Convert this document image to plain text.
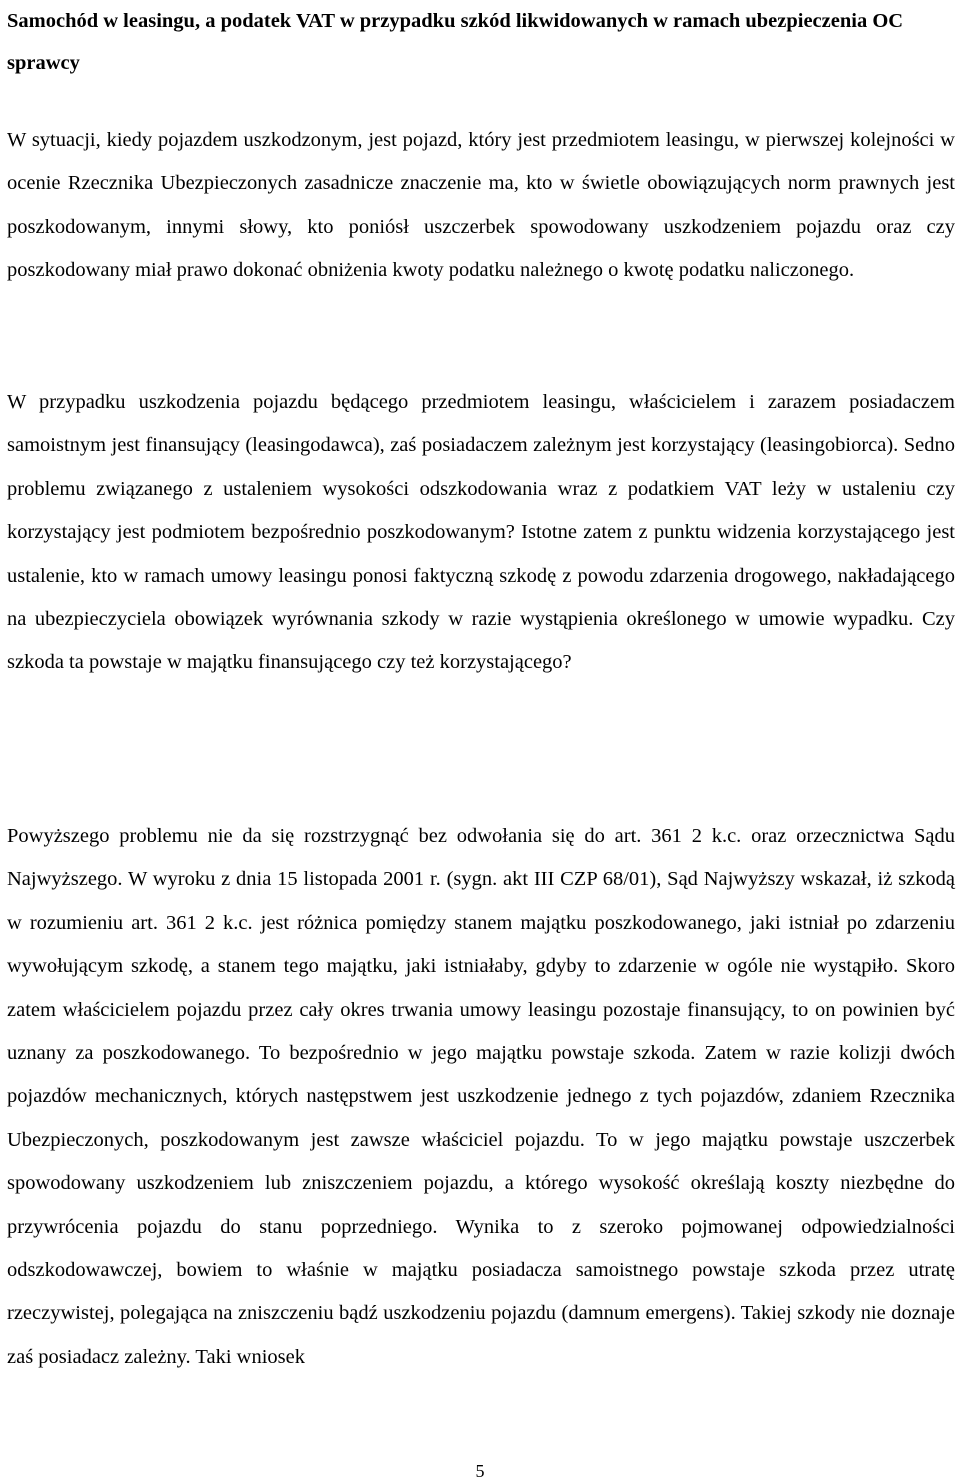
Samochód w leasingu, a podatek VAT w przypadku szkód likwidowanych w ramach ubezpieczenia OC sprawcy

W sytuacji, kiedy pojazdem uszkodzonym, jest pojazd, który jest przedmiotem leasingu, w pierwszej kolejności w ocenie Rzecznika Ubezpieczonych zasadnicze znaczenie ma, kto w świetle obowiązujących norm prawnych jest poszkodowanym, innymi słowy, kto poniósł uszczerbek spowodowany uszkodzeniem pojazdu oraz czy poszkodowany miał prawo dokonać obniżenia kwoty podatku należnego o kwotę podatku naliczonego.

W przypadku uszkodzenia pojazdu będącego przedmiotem leasingu, właścicielem i zarazem posiadaczem samoistnym jest finansujący (leasingodawca), zaś posiadaczem zależnym jest korzystający (leasingobiorca). Sedno problemu związanego z ustaleniem wysokości odszkodowania wraz z podatkiem VAT leży w ustaleniu czy korzystający jest podmiotem bezpośrednio poszkodowanym? Istotne zatem z punktu widzenia korzystającego jest ustalenie, kto w ramach umowy leasingu ponosi faktyczną szkodę z powodu zdarzenia drogowego, nakładającego na ubezpieczyciela obowiązek wyrównania szkody w razie wystąpienia określonego w umowie wypadku. Czy szkoda ta powstaje w majątku finansującego czy też korzystającego?

Powyższego problemu nie da się rozstrzygnąć bez odwołania się do art. 361 2 k.c. oraz orzecznictwa Sądu Najwyższego. W wyroku z dnia 15 listopada 2001 r. (sygn. akt III CZP 68/01), Sąd Najwyższy wskazał, iż szkodą w rozumieniu art. 361 2 k.c. jest różnica pomiędzy stanem majątku poszkodowanego, jaki istniał po zdarzeniu wywołującym szkodę, a stanem tego majątku, jaki istniałaby, gdyby to zdarzenie w ogóle nie wystąpiło. Skoro zatem właścicielem pojazdu przez cały okres trwania umowy leasingu pozostaje finansujący, to on powinien być uznany za poszkodowanego. To bezpośrednio w jego majątku powstaje szkoda. Zatem w razie kolizji dwóch pojazdów mechanicznych, których następstwem jest uszkodzenie jednego z tych pojazdów, zdaniem Rzecznika Ubezpieczonych, poszkodowanym jest zawsze właściciel pojazdu. To w jego majątku powstaje uszczerbek spowodowany uszkodzeniem lub zniszczeniem pojazdu, a którego wysokość określają koszty niezbędne do przywrócenia pojazdu do stanu poprzedniego. Wynika to z szeroko pojmowanej odpowiedzialności odszkodowawczej, bowiem to właśnie w majątku posiadacza samoistnego powstaje szkoda przez utratę rzeczywistej, polegająca na zniszczeniu bądź uszkodzeniu pojazdu (damnum emergens). Takiej szkody nie doznaje zaś posiadacz zależny. Taki wniosek

5
